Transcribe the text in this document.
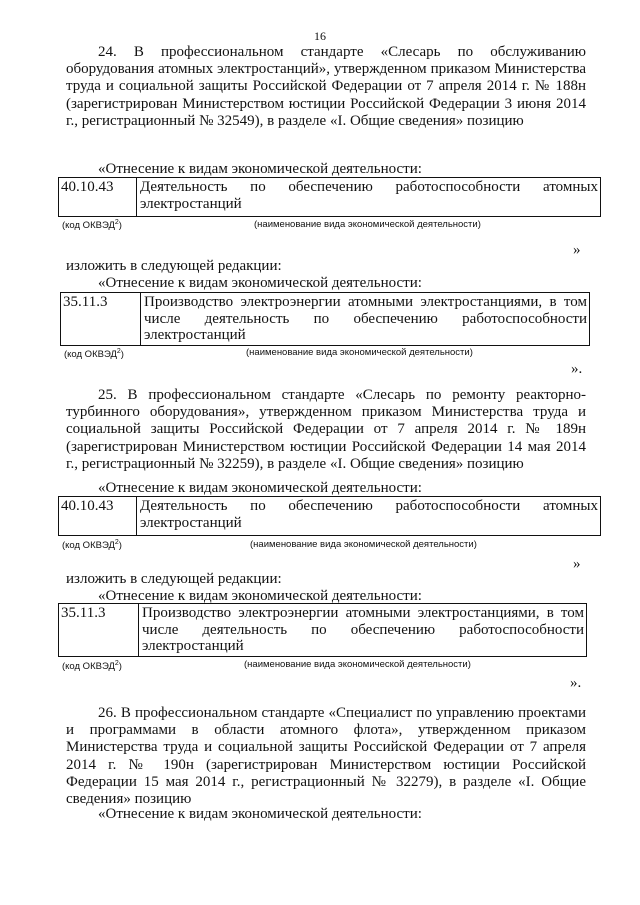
16
24. В профессиональном стандарте «Слесарь по обслуживанию оборудования атомных электростанций», утвержденном приказом Министерства труда и социальной защиты Российской Федерации от 7 апреля 2014 г. № 188н (зарегистрирован Министерством юстиции Российской Федерации 3 июня 2014 г., регистрационный № 32549), в разделе «I. Общие сведения» позицию
«Отнесение к видам экономической деятельности:
40.10.43	Деятельность по обеспечению работоспособности атомных электростанций
(код ОКВЭД$^2$)	(наименование вида экономической деятельности)
»
изложить в следующей редакции:
«Отнесение к видам экономической деятельности:
35.11.3	Производство электроэнергии атомными электростанциями, в том числе деятельность по обеспечению работоспособности электростанций
(код ОКВЭД$^2$)	(наименование вида экономической деятельности)
».
25. В профессиональном стандарте «Слесарь по ремонту реакторно-турбинного оборудования», утвержденном приказом Министерства труда и социальной защиты Российской Федерации от 7 апреля 2014 г. № 189н (зарегистрирован Министерством юстиции Российской Федерации 14 мая 2014 г., регистрационный № 32259), в разделе «I. Общие сведения» позицию
«Отнесение к видам экономической деятельности:
40.10.43	Деятельность по обеспечению работоспособности атомных электростанций
(код ОКВЭД$^2$)	(наименование вида экономической деятельности)
»
изложить в следующей редакции:
«Отнесение к видам экономической деятельности:
35.11.3	Производство электроэнергии атомными электростанциями, в том числе деятельность по обеспечению работоспособности электростанций
(код ОКВЭД$^2$)	(наименование вида экономической деятельности)
».
26. В профессиональном стандарте «Специалист по управлению проектами и программами в области атомного флота», утвержденном приказом Министерства труда и социальной защиты Российской Федерации от 7 апреля 2014 г. № 190н (зарегистрирован Министерством юстиции Российской Федерации 15 мая 2014 г., регистрационный № 32279), в разделе «I. Общие сведения» позицию
«Отнесение к видам экономической деятельности:
